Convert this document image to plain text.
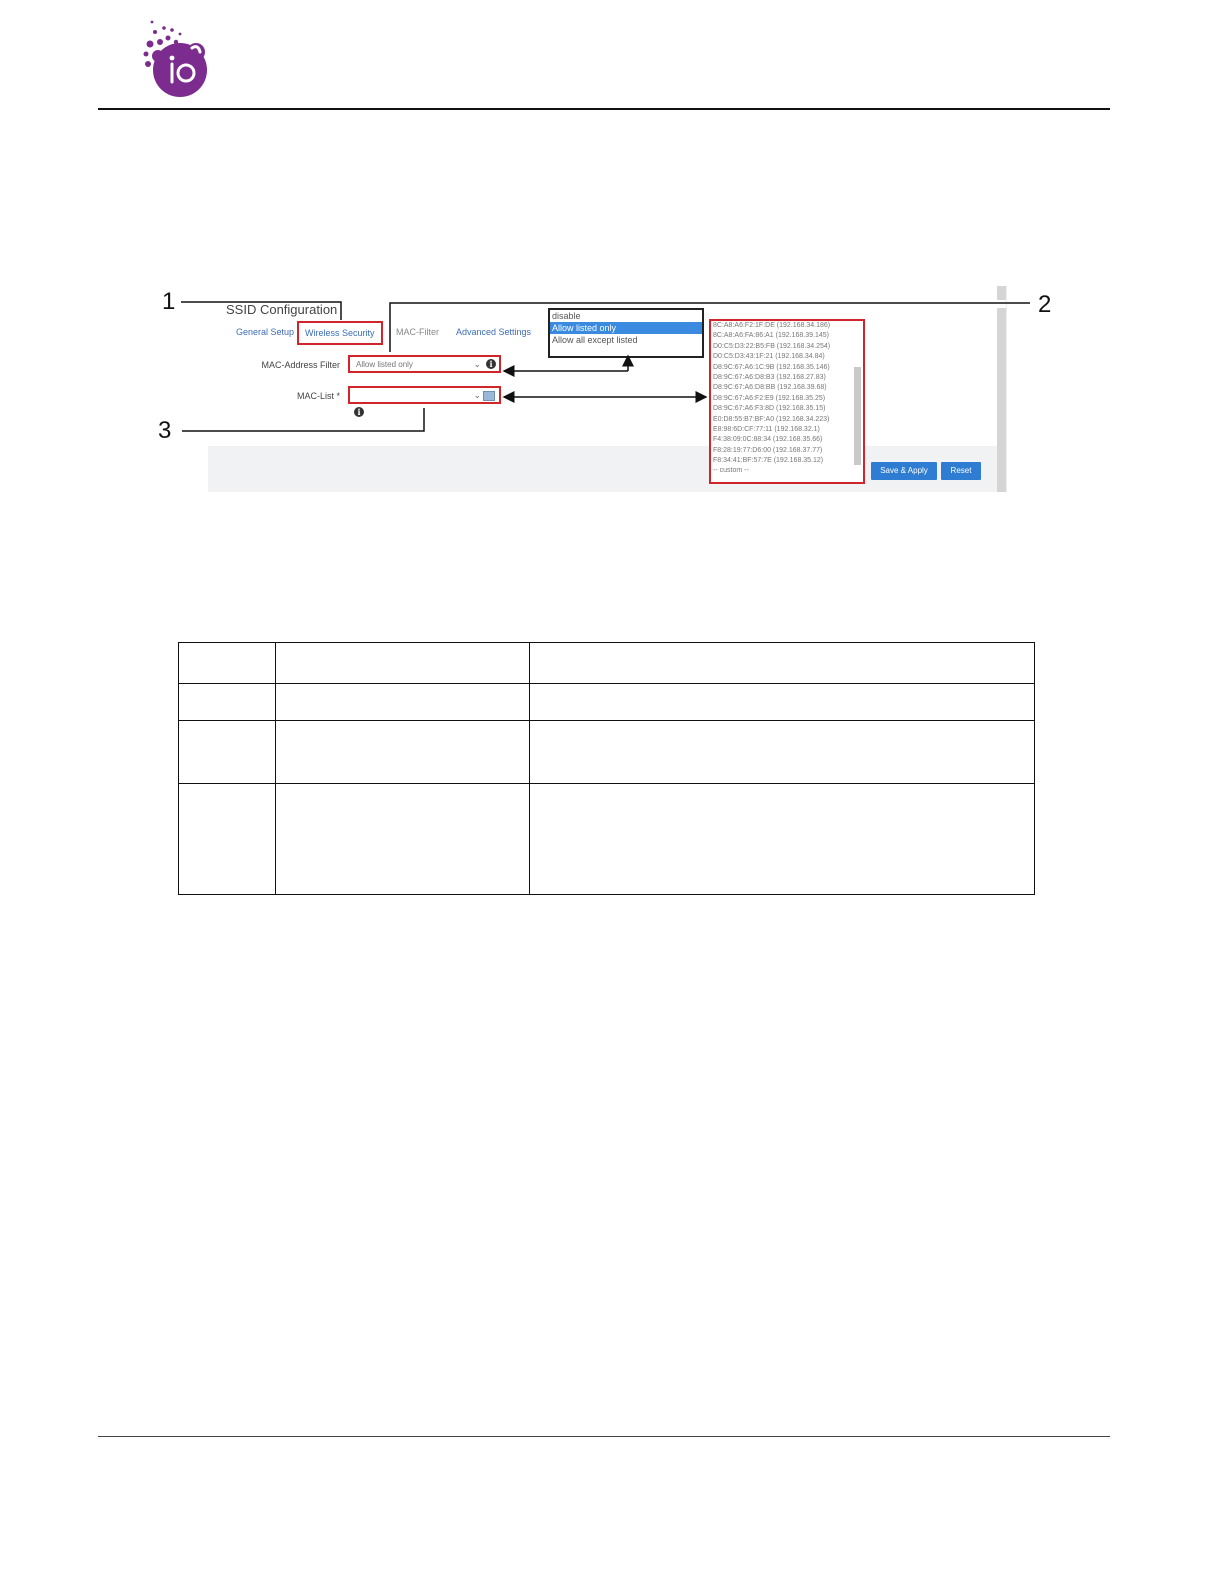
SSID Configuration
General Setup	Wireless Security	MAC-Filter Advanced Settings
MAC-Address Filter	Allow listed only	⌄	i
MAC-List *	⌄
i
disable
Allow listed only
Allow all except listed
8C:A8:A6:F2:1F:DE (192.168.34.186)
8C:A8:A6:FA:86:A1 (192.168.39.145)
D0:C5:D3:22:B5:FB (192.168.34.254)
D0:C5:D3:43:1F:21 (192.168.34.84)
D8:9C:67:A6:1C:9B (192.168.35.146)
D8:9C:67:A6:D8:B3 (192.168.27.83)
D8:9C:67:A6:D8:BB (192.168.39.68)
D8:9C:67:A6:F2:E9 (192.168.35.25)
D8:9C:67:A6:F3:8D (192.168.35.15)
E0:D8:55:B7:BF:A0 (192.168.34.223)
E8:98:6D:CF:77:11 (192.168.32.1)
F4:38:09:0C:88:34 (192.168.35.66)
F8:28:19:77:D6:00 (192.168.37.77)
F8:34:41:BF:57:7E (192.168.35.12)
-- custom --	Save & Apply	Reset
1	2
3
